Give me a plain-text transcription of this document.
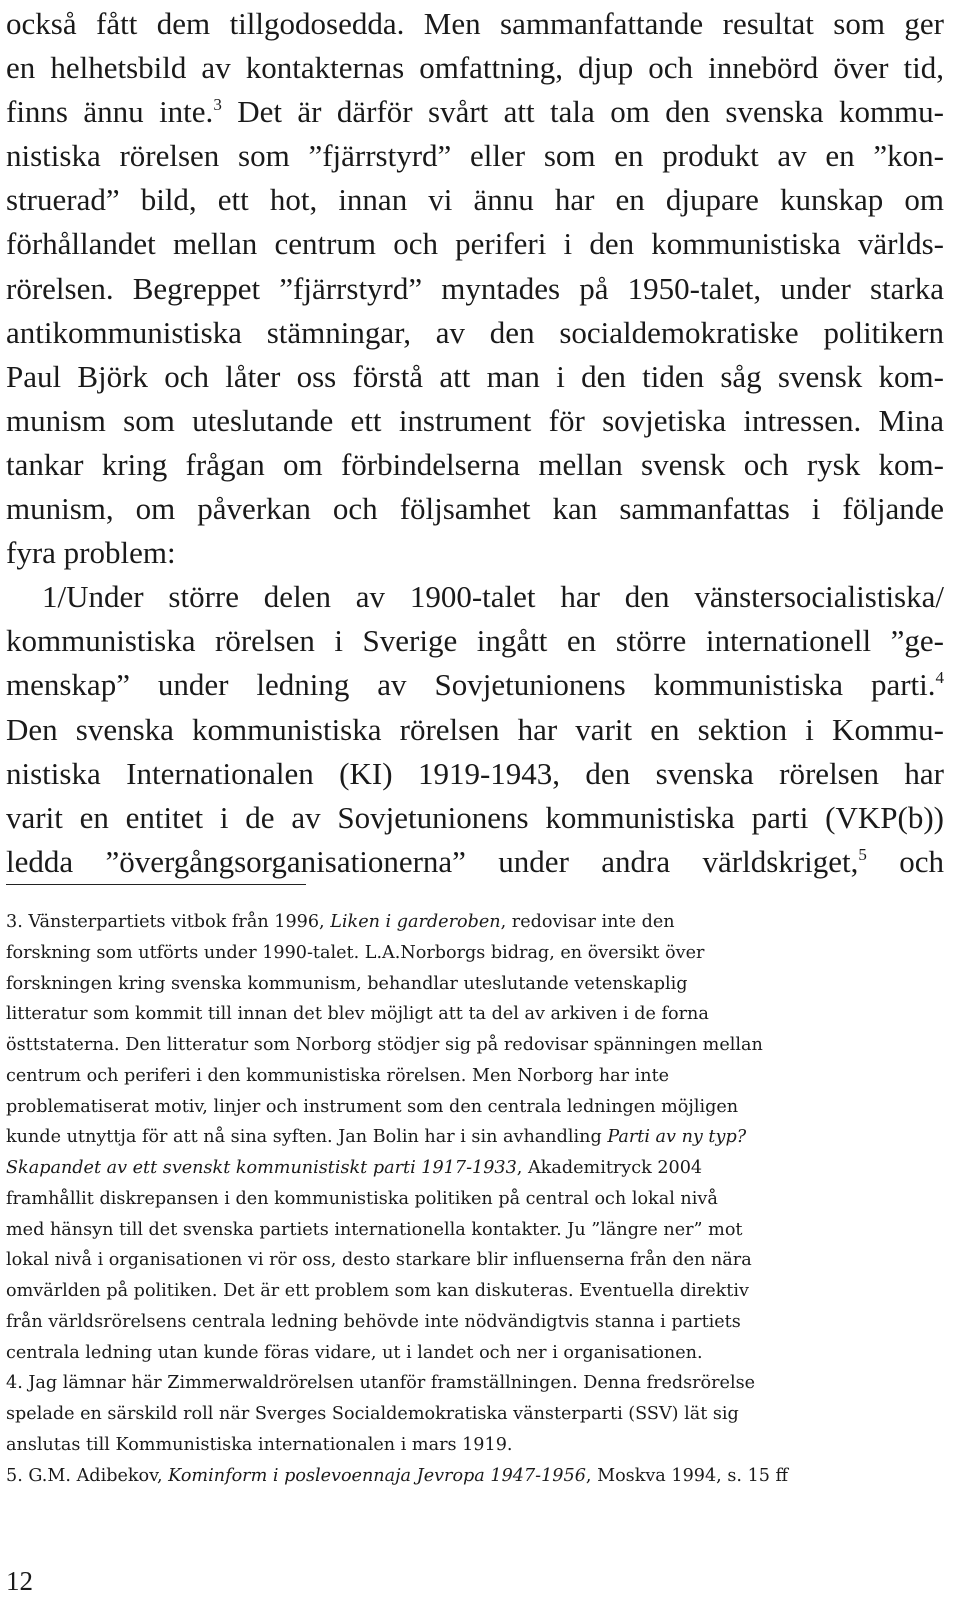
också fått dem tillgodosedda. Men sammanfattande resultat som ger
en helhetsbild av kontakternas omfattning, djup och innebörd över tid,
finns ännu inte.$^3$ Det är därför svårt att tala om den svenska kommu-
nistiska rörelsen som ”fjärrstyrd” eller som en produkt av en ”kon-
struerad” bild, ett hot, innan vi ännu har en djupare kunskap om
förhållandet mellan centrum och periferi i den kommunistiska världs-
rörelsen. Begreppet ”fjärrstyrd” myntades på 1950-talet, under starka
antikommunistiska stämningar, av den socialdemokratiske politikern
Paul Björk och låter oss förstå att man i den tiden såg svensk kom-
munism som uteslutande ett instrument för sovjetiska intressen. Mina
tankar kring frågan om förbindelserna mellan svensk och rysk kom-
munism, om påverkan och följsamhet kan sammanfattas i följande
fyra problem:
1/Under större delen av 1900-talet har den vänstersocialistiska/
kommunistiska rörelsen i Sverige ingått en större internationell ”ge-
menskap” under ledning av Sovjetunionens kommunistiska parti.$^4$
Den svenska kommunistiska rörelsen har varit en sektion i Kommu-
nistiska Internationalen (KI) 1919-1943, den svenska rörelsen har
varit en entitet i de av Sovjetunionens kommunistiska parti (VKP(b))
ledda ”övergångsorganisationerna” under andra världskriget,$^5$ och
3. Vänsterpartiets vitbok från 1996, Liken i garderoben, redovisar inte den
forskning som utförts under 1990-talet. L.A.Norborgs bidrag, en översikt över
forskningen kring svenska kommunism, behandlar uteslutande vetenskaplig
litteratur som kommit till innan det blev möjligt att ta del av arkiven i de forna
östtstaterna. Den litteratur som Norborg stödjer sig på redovisar spänningen mellan
centrum och periferi i den kommunistiska rörelsen. Men Norborg har inte
problematiserat motiv, linjer och instrument som den centrala ledningen möjligen
kunde utnyttja för att nå sina syften. Jan Bolin har i sin avhandling Parti av ny typ?
Skapandet av ett svenskt kommunistiskt parti 1917-1933, Akademitryck 2004
framhållit diskrepansen i den kommunistiska politiken på central och lokal nivå
med hänsyn till det svenska partiets internationella kontakter. Ju ”längre ner” mot
lokal nivå i organisationen vi rör oss, desto starkare blir influenserna från den nära
omvärlden på politiken. Det är ett problem som kan diskuteras. Eventuella direktiv
från världsrörelsens centrala ledning behövde inte nödvändigtvis stanna i partiets
centrala ledning utan kunde föras vidare, ut i landet och ner i organisationen.
4. Jag lämnar här Zimmerwaldrörelsen utanför framställningen. Denna fredsrörelse
spelade en särskild roll när Sverges Socialdemokratiska vänsterparti (SSV) lät sig
anslutas till Kommunistiska internationalen i mars 1919.
5. G.M. Adibekov, Kominform i poslevoennaja Jevropa 1947-1956, Moskva 1994, s. 15 ff
12
